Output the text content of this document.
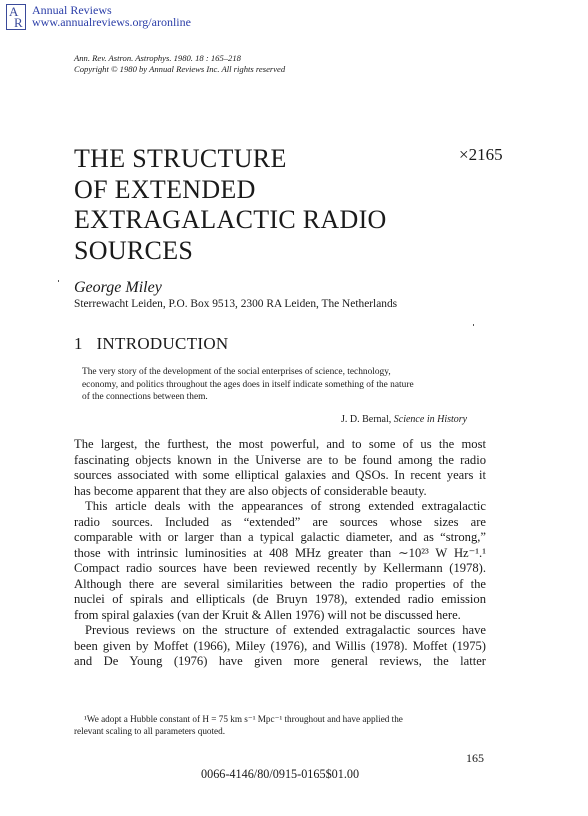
A
R
Annual Reviews
www.annualreviews.org/aronline
Ann. Rev. Astron. Astrophys. 1980. 18 : 165–218
Copyright © 1980 by Annual Reviews Inc. All rights reserved
THE STRUCTURE
OF EXTENDED
EXTRAGALACTIC RADIO
SOURCES
×2165
George Miley
Sterrewacht Leiden, P.O. Box 9513, 2300 RA Leiden, The Netherlands
1 INTRODUCTION
The very story of the development of the social enterprises of science, technology,
economy, and politics throughout the ages does in itself indicate something of the nature
of the connections between them.
J. D. Bernal, Science in History
The largest, the furthest, the most powerful, and to some of us the most
fascinating objects known in the Universe are to be found among the radio
sources associated with some elliptical galaxies and QSOs. In recent years it
has become apparent that they are also objects of considerable beauty.
This article deals with the appearances of strong extended extragalactic
radio sources. Included as “extended” are sources whose sizes are
comparable with or larger than a typical galactic diameter, and as “strong,”
those with intrinsic luminosities at 408 MHz greater than ∼10²³ W Hz⁻¹.¹
Compact radio sources have been reviewed recently by Kellermann (1978).
Although there are several similarities between the radio properties of the
nuclei of spirals and ellipticals (de Bruyn 1978), extended radio emission
from spiral galaxies (van der Kruit & Allen 1976) will not be discussed here.
Previous reviews on the structure of extended extragalactic sources have
been given by Moffet (1966), Miley (1976), and Willis (1978). Moffet (1975)
and De Young (1976) have given more general reviews, the latter
¹We adopt a Hubble constant of H = 75 km s⁻¹ Mpc⁻¹ throughout and have applied the
relevant scaling to all parameters quoted.
165
0066-4146/80/0915-0165$01.00
